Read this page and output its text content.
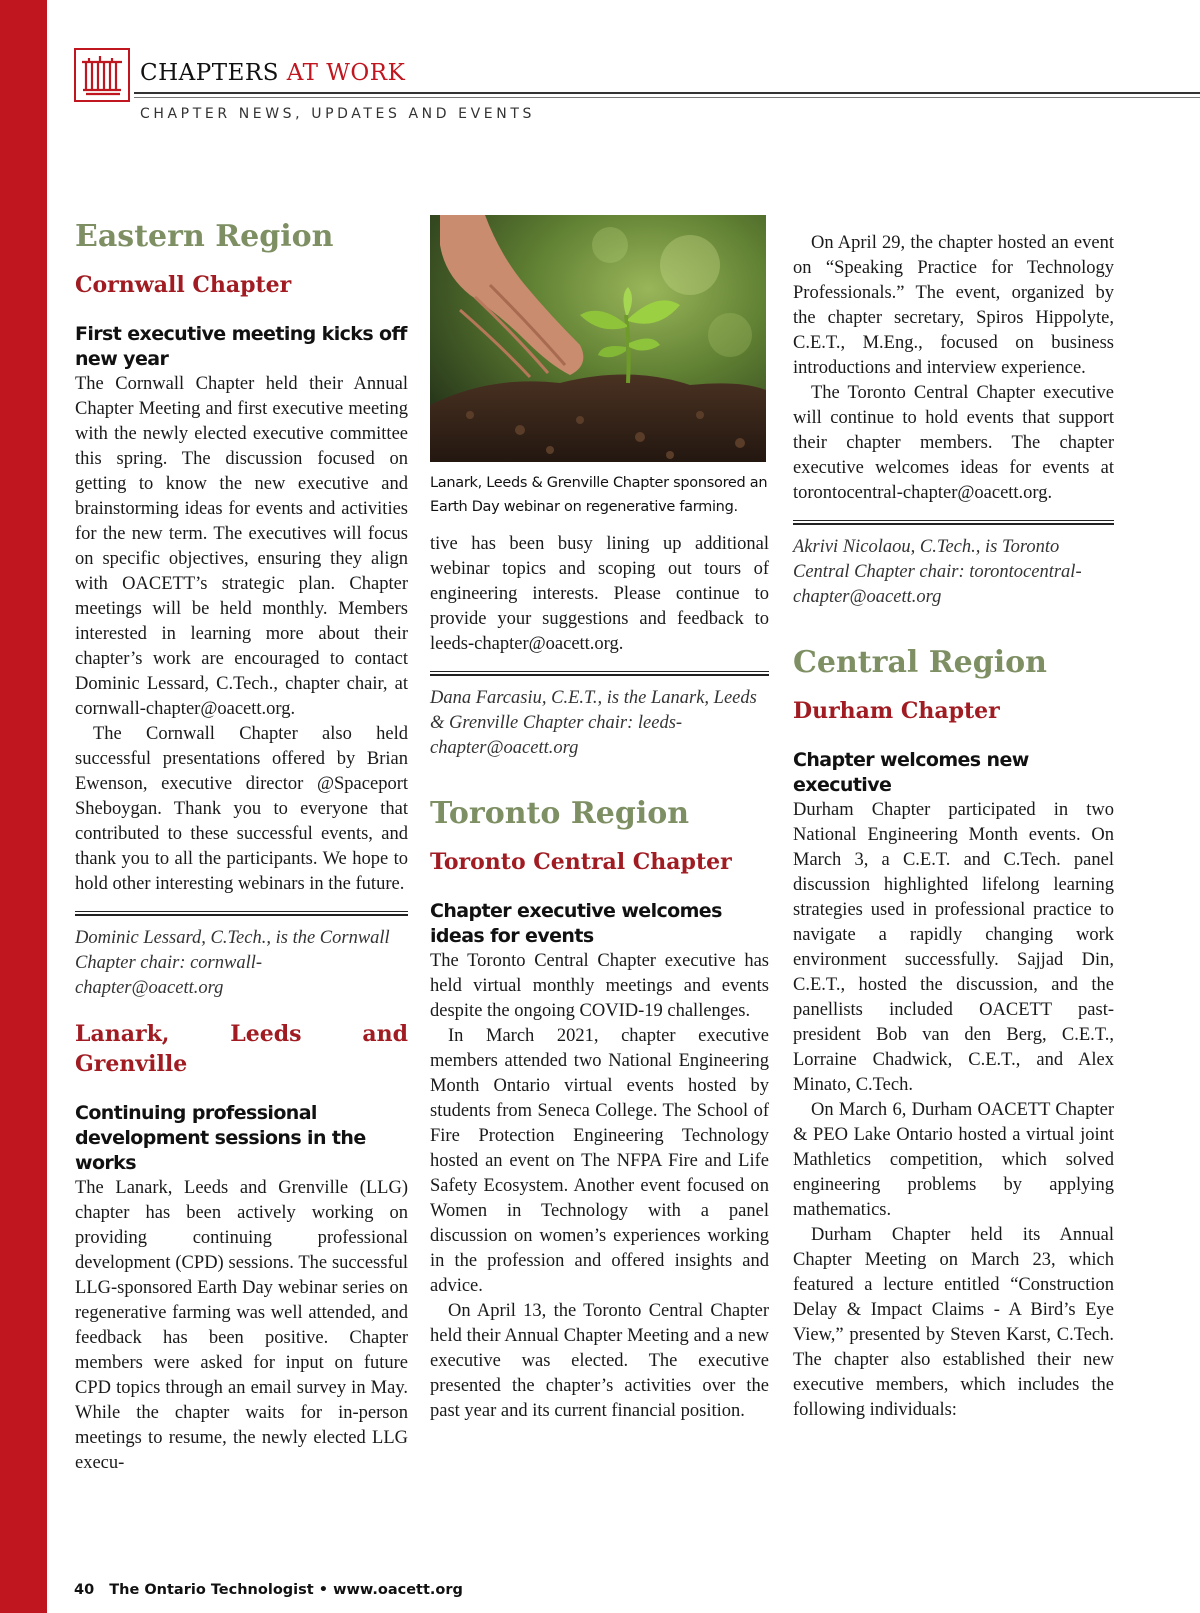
CHAPTERS AT WORK
CHAPTER NEWS, UPDATES AND EVENTS
Eastern Region
Cornwall Chapter
First executive meeting kicks off new year

The Cornwall Chapter held their Annual Chapter Meeting and first executive meeting with the newly elected executive committee this spring. The discussion focused on getting to know the new executive and brainstorming ideas for events and activities for the new term. The executives will focus on specific objectives, ensuring they align with OACETT’s strategic plan. Chapter meetings will be held monthly. Members interested in learning more about their chapter’s work are encouraged to contact Dominic Lessard, C.Tech., chapter chair, at cornwall-chapter@oacett.org.

The Cornwall Chapter also held successful presentations offered by Brian Ewenson, executive director @Spaceport Sheboygan. Thank you to everyone that contributed to these successful events, and thank you to all the participants. We hope to hold other interesting webinars in the future.

Dominic Lessard, C.Tech., is the Cornwall Chapter chair: cornwall-chapter@oacett.org

Lanark, Leeds and Grenville
Continuing professional development sessions in the works

The Lanark, Leeds and Grenville (LLG) chapter has been actively working on providing continuing professional development (CPD) sessions. The successful LLG-sponsored Earth Day webinar series on regenerative farming was well attended, and feedback has been positive. Chapter members were asked for input on future CPD topics through an email survey in May. While the chapter waits for in-person meetings to resume, the newly elected LLG execu-

Lanark, Leeds & Grenville Chapter sponsored an Earth Day webinar on regenerative farming.

tive has been busy lining up additional webinar topics and scoping out tours of engineering interests. Please continue to provide your suggestions and feedback to leeds-chapter@oacett.org.

Dana Farcasiu, C.E.T., is the Lanark, Leeds & Grenville Chapter chair: leeds-chapter@oacett.org

Toronto Region
Toronto Central Chapter
Chapter executive welcomes ideas for events

The Toronto Central Chapter executive has held virtual monthly meetings and events despite the ongoing COVID-19 challenges.

In March 2021, chapter executive members attended two National Engineering Month Ontario virtual events hosted by students from Seneca College. The School of Fire Protection Engineering Technology hosted an event on The NFPA Fire and Life Safety Ecosystem. Another event focused on Women in Technology with a panel discussion on women’s experiences working in the profession and offered insights and advice.

On April 13, the Toronto Central Chapter held their Annual Chapter Meeting and a new executive was elected. The executive presented the chapter’s activities over the past year and its current financial position.

On April 29, the chapter hosted an event on “Speaking Practice for Technology Professionals.” The event, organized by the chapter secretary, Spiros Hippolyte, C.E.T., M.Eng., focused on business introductions and interview experience.

The Toronto Central Chapter executive will continue to hold events that support their chapter members. The chapter executive welcomes ideas for events at torontocentral-chapter@oacett.org.

Akrivi Nicolaou, C.Tech., is Toronto Central Chapter chair: torontocentral-chapter@oacett.org

Central Region
Durham Chapter
Chapter welcomes new executive

Durham Chapter participated in two National Engineering Month events. On March 3, a C.E.T. and C.Tech. panel discussion highlighted lifelong learning strategies used in professional practice to navigate a rapidly changing work environment successfully. Sajjad Din, C.E.T., hosted the discussion, and the panellists included OACETT past-president Bob van den Berg, C.E.T., Lorraine Chadwick, C.E.T., and Alex Minato, C.Tech.

On March 6, Durham OACETT Chapter & PEO Lake Ontario hosted a virtual joint Mathletics competition, which solved engineering problems by applying mathematics.

Durham Chapter held its Annual Chapter Meeting on March 23, which featured a lecture entitled “Construction Delay & Impact Claims - A Bird’s Eye View,” presented by Steven Karst, C.Tech. The chapter also established their new executive members, which includes the following individuals:

40 The Ontario Technologist • www.oacett.org
